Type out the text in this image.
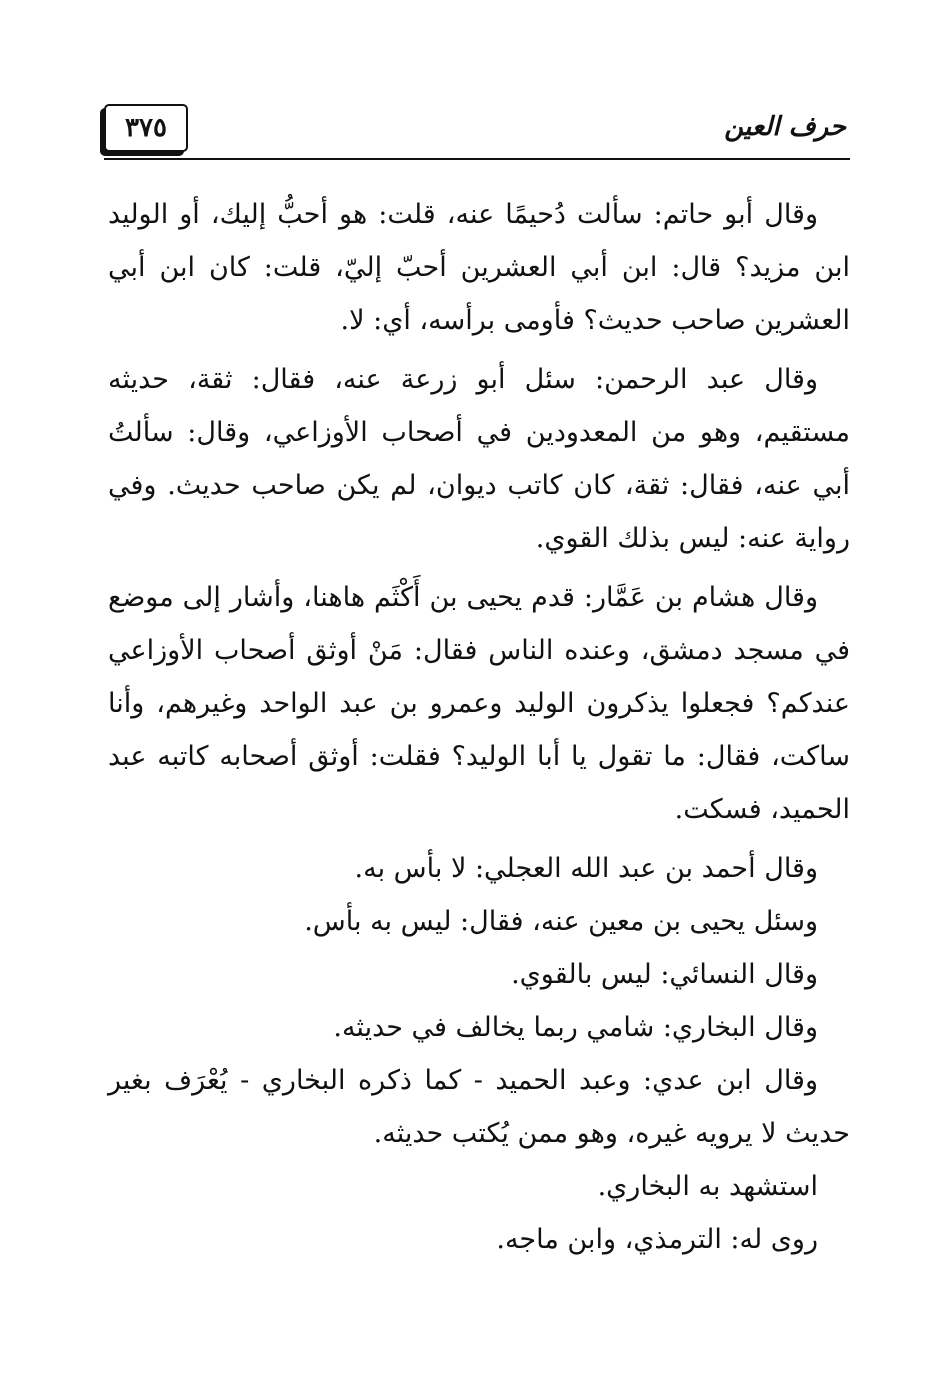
٣٧٥	حرف العين

وقال أبو حاتم: سألت دُحيمًا عنه، قلت: هو أحبُّ إليك، أو الوليد ابن مزيد؟ قال: ابن أبي العشرين أحبّ إليّ، قلت: كان ابن أبي العشرين صاحب حديث؟ فأومى برأسه، أي: لا.

وقال عبد الرحمن: سئل أبو زرعة عنه، فقال: ثقة، حديثه مستقيم، وهو من المعدودين في أصحاب الأوزاعي، وقال: سألتُ أبي عنه، فقال: ثقة، كان كاتب ديوان، لم يكن صاحب حديث. وفي رواية عنه: ليس بذلك القوي.

وقال هشام بن عَمَّار: قدم يحيى بن أَكْثَم هاهنا، وأشار إلى موضع في مسجد دمشق، وعنده الناس فقال: مَنْ أوثق أصحاب الأوزاعي عندكم؟ فجعلوا يذكرون الوليد وعمرو بن عبد الواحد وغيرهم، وأنا ساكت، فقال: ما تقول يا أبا الوليد؟ فقلت: أوثق أصحابه كاتبه عبد الحميد، فسكت.

وقال أحمد بن عبد الله العجلي: لا بأس به.

وسئل يحيى بن معين عنه، فقال: ليس به بأس.

وقال النسائي: ليس بالقوي.

وقال البخاري: شامي ربما يخالف في حديثه.

وقال ابن عدي: وعبد الحميد - كما ذكره البخاري - يُعْرَف بغير حديث لا يرويه غيره، وهو ممن يُكتب حديثه.

استشهد به البخاري.

روى له: الترمذي، وابن ماجه.
